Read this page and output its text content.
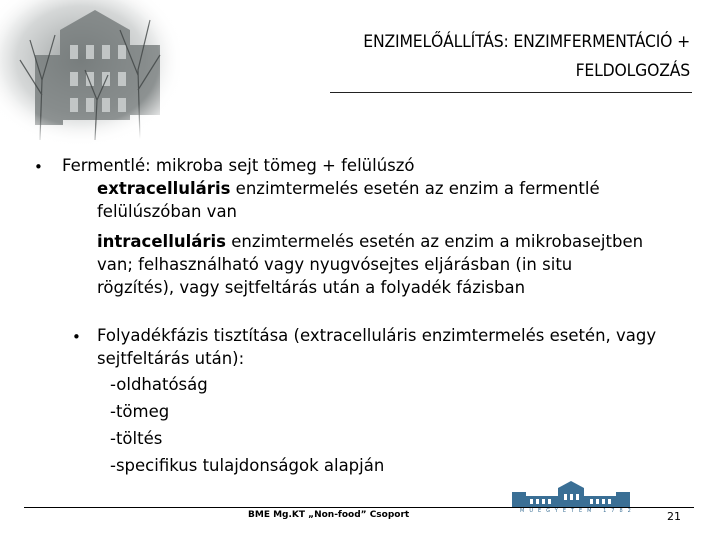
ENZIMELŐÁLLÍTÁS: ENZIMFERMENTÁCIÓ +
FELDOLGOZÁS
• Fermentlé: mikroba sejt tömeg + felülúszó
extracelluláris enzimtermelés esetén az enzim a fermentlé
felülúszóban van
intracelluláris enzimtermelés esetén az enzim a mikrobasejtben
van; felhasználható vagy nyugvósejtes eljárásban (in situ
rögzítés), vagy sejtfeltárás után a folyadék fázisban
• Folyadékfázis tisztítása (extracelluláris enzimtermelés esetén, vagy
sejtfeltárás után):
-oldhatóság
-tömeg
-töltés
-specifikus tulajdonságok alapján
MŰEGYETEM 1782
BME Mg.KT „Non-food” Csoport	21
